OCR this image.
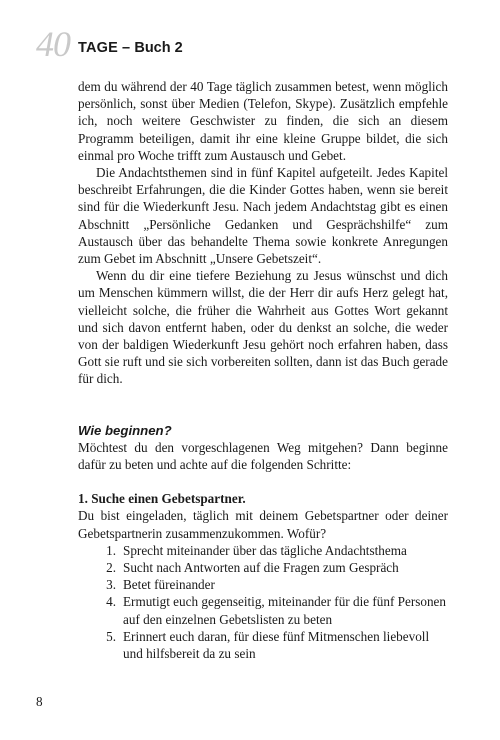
40 TAGE – Buch 2

dem du während der 40 Tage täglich zusammen betest, wenn möglich persönlich, sonst über Medien (Telefon, Skype). Zusätzlich empfehle ich, noch weitere Geschwister zu finden, die sich an diesem Programm beteiligen, damit ihr eine kleine Gruppe bildet, die sich einmal pro Woche trifft zum Austausch und Gebet.

Die Andachtsthemen sind in fünf Kapitel aufgeteilt. Jedes Kapitel beschreibt Erfahrungen, die die Kinder Gottes haben, wenn sie bereit sind für die Wiederkunft Jesu. Nach jedem Andachtstag gibt es einen Abschnitt „Persönliche Gedanken und Gesprächshilfe“ zum Austausch über das behandelte Thema sowie konkrete Anregungen zum Gebet im Abschnitt „Unsere Gebetszeit“.

Wenn du dir eine tiefere Beziehung zu Jesus wünschst und dich um Menschen kümmern willst, die der Herr dir aufs Herz gelegt hat, vielleicht solche, die früher die Wahrheit aus Gottes Wort gekannt und sich davon entfernt haben, oder du denkst an solche, die weder von der baldigen Wiederkunft Jesu gehört noch erfahren haben, dass Gott sie ruft und sie sich vorbereiten sollten, dann ist das Buch gerade für dich.

Wie beginnen?

Möchtest du den vorgeschlagenen Weg mitgehen? Dann beginne dafür zu beten und achte auf die folgenden Schritte:

1. Suche einen Gebetspartner.

Du bist eingeladen, täglich mit deinem Gebetspartner oder deiner Gebetspartnerin zusammenzukommen. Wofür?

1. Sprecht miteinander über das tägliche Andachtsthema
2. Sucht nach Antworten auf die Fragen zum Gespräch
3. Betet füreinander
4. Ermutigt euch gegenseitig, miteinander für die fünf Personen auf den einzelnen Gebetslisten zu beten
5. Erinnert euch daran, für diese fünf Mitmenschen liebevoll und hilfsbereit da zu sein
8
